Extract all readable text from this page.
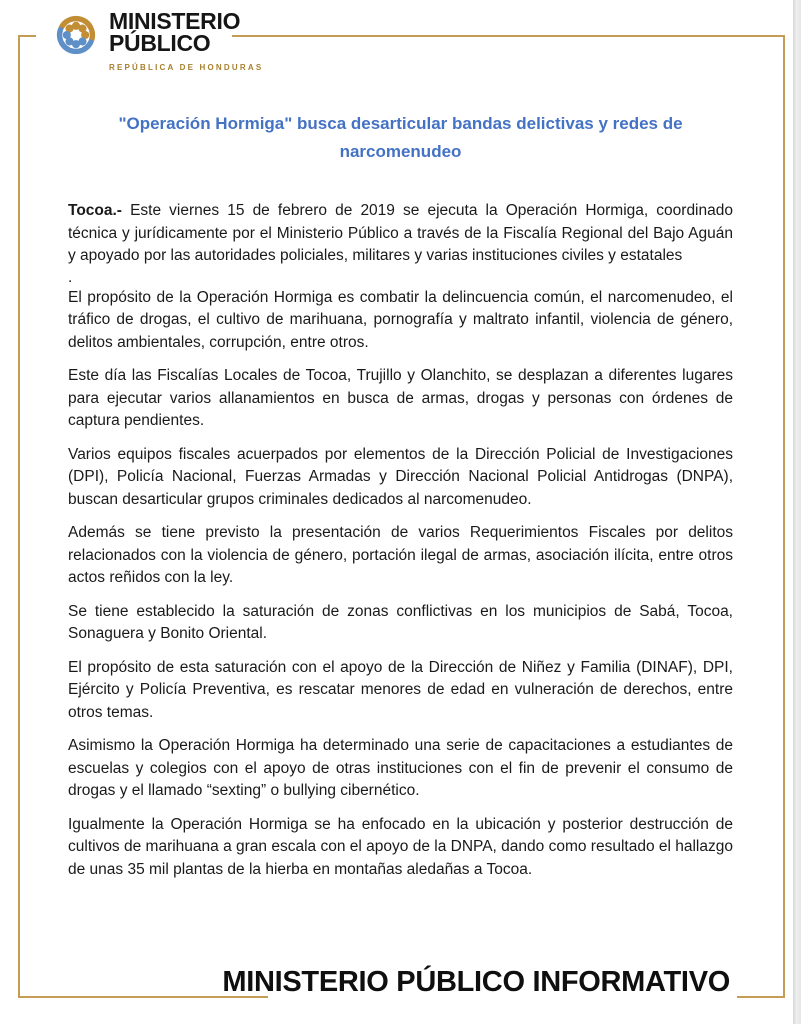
MINISTERIO
PÚBLICO
REPÚBLICA DE HONDURAS
"Operación Hormiga" busca desarticular bandas delictivas y redes de narcomenudeo

Tocoa.- Este viernes 15 de febrero de 2019 se ejecuta la Operación Hormiga, coordinado técnica y jurídicamente por el Ministerio Público a través de la Fiscalía Regional del Bajo Aguán y apoyado por las autoridades policiales, militares y varias instituciones civiles y estatales

.

El propósito de la Operación Hormiga es combatir la delincuencia común, el narcomenudeo, el tráfico de drogas, el cultivo de marihuana, pornografía y maltrato infantil, violencia de género, delitos ambientales, corrupción, entre otros.

Este día las Fiscalías Locales de Tocoa, Trujillo y Olanchito, se desplazan a diferentes lugares para ejecutar varios allanamientos en busca de armas, drogas y personas con órdenes de captura pendientes.

Varios equipos fiscales acuerpados por elementos de la Dirección Policial de Investigaciones (DPI), Policía Nacional, Fuerzas Armadas y Dirección Nacional Policial Antidrogas (DNPA), buscan desarticular grupos criminales dedicados al narcomenudeo.

Además se tiene previsto la presentación de varios Requerimientos Fiscales por delitos relacionados con la violencia de género, portación ilegal de armas, asociación ilícita, entre otros actos reñidos con la ley.

Se tiene establecido la saturación de zonas conflictivas en los municipios de Sabá, Tocoa, Sonaguera y Bonito Oriental.

El propósito de esta saturación con el apoyo de la Dirección de Niñez y Familia (DINAF), DPI, Ejército y Policía Preventiva, es rescatar menores de edad en vulneración de derechos, entre otros temas.

Asimismo la Operación Hormiga ha determinado una serie de capacitaciones a estudiantes de escuelas y colegios con el apoyo de otras instituciones con el fin de prevenir el consumo de drogas y el llamado “sexting” o bullying cibernético.

Igualmente la Operación Hormiga se ha enfocado en la ubicación y posterior destrucción de cultivos de marihuana a gran escala con el apoyo de la DNPA, dando como resultado el hallazgo de unas 35 mil plantas de la hierba en montañas aledañas a Tocoa.

MINISTERIO PÚBLICO INFORMATIVO
